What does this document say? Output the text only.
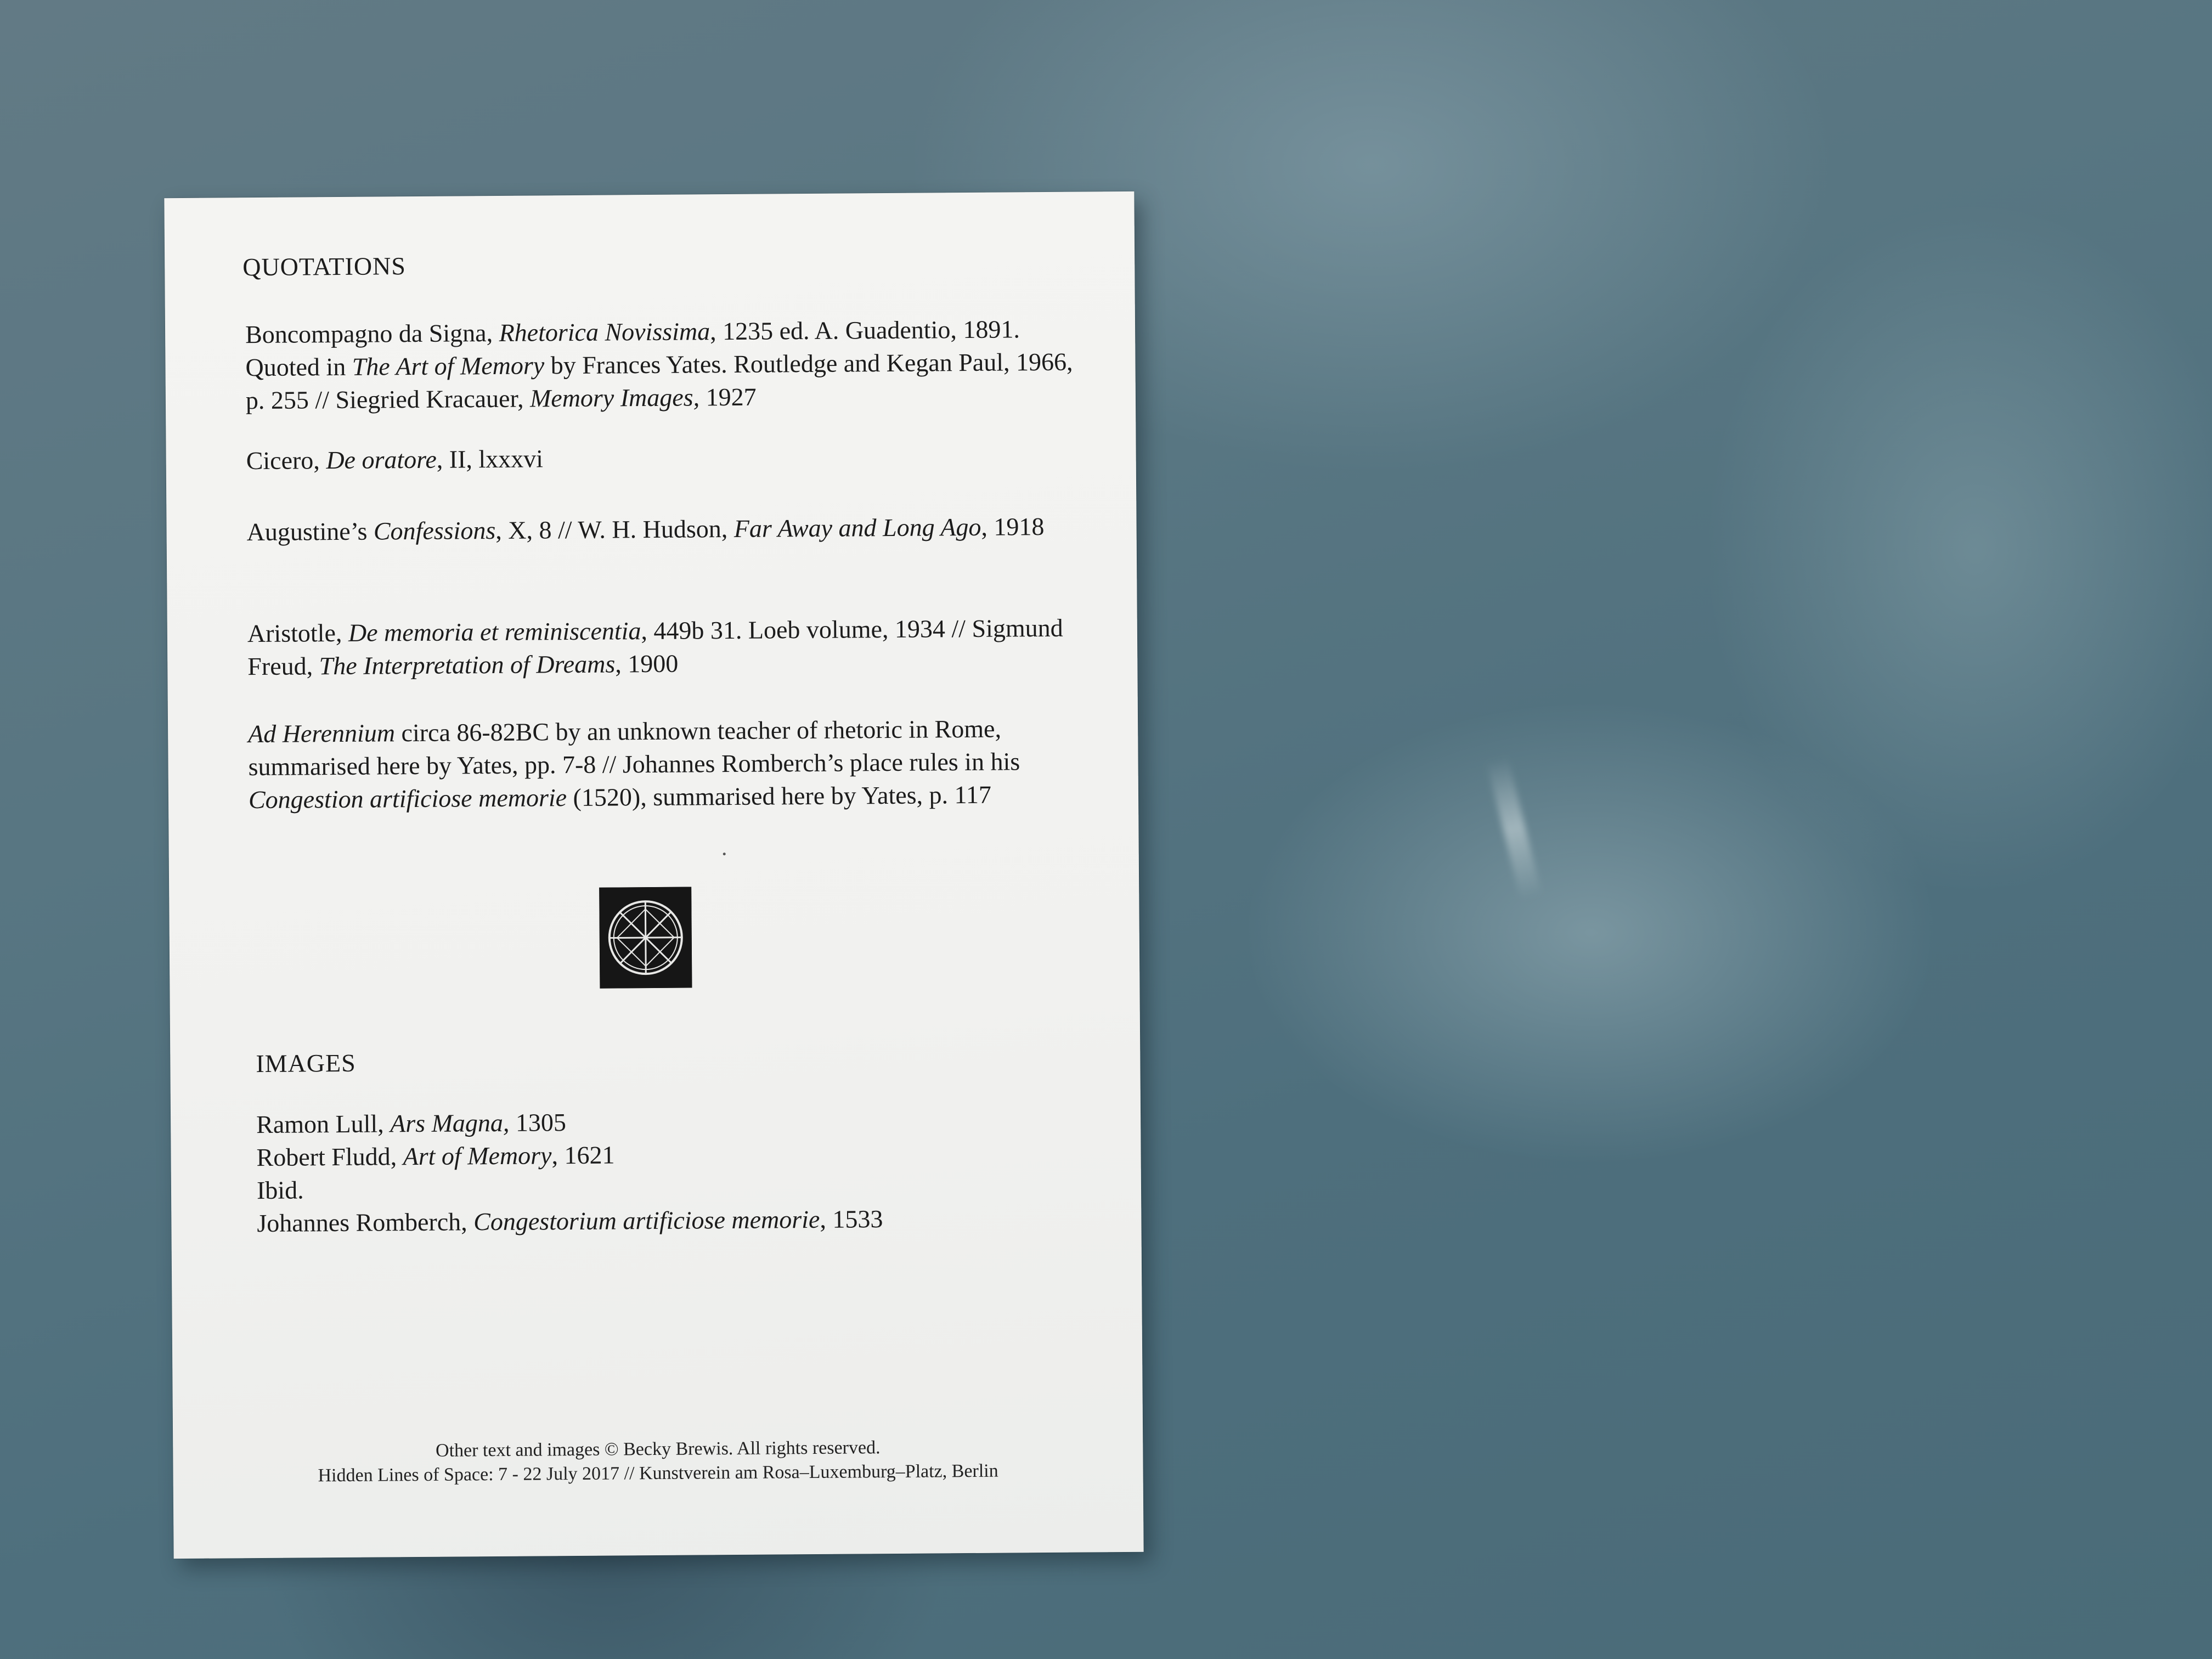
QUOTATIONS
Boncompagno da Signa, Rhetorica Novissima, 1235 ed. A. Guadentio, 1891. Quoted in The Art of Memory by Frances Yates. Routledge and Kegan Paul, 1966, p. 255 // Siegried Kracauer, Memory Images, 1927
Cicero, De oratore, II, lxxxvi
Augustine’s Confessions, X, 8 // W. H. Hudson, Far Away and Long Ago, 1918
Aristotle, De memoria et reminiscentia, 449b 31. Loeb volume, 1934 // Sigmund Freud, The Interpretation of Dreams, 1900
Ad Herennium circa 86-82BC by an unknown teacher of rhetoric in Rome, summarised here by Yates, pp. 7-8 // Johannes Romberch’s place rules in his Congestion artificiose memorie (1520), summarised here by Yates, p. 117
IMAGES
Ramon Lull, Ars Magna, 1305
Robert Fludd, Art of Memory, 1621
Ibid.
Johannes Romberch, Congestorium artificiose memorie, 1533
Other text and images © Becky Brewis. All rights reserved.
Hidden Lines of Space: 7 - 22 July 2017 // Kunstverein am Rosa–Luxemburg–Platz, Berlin
